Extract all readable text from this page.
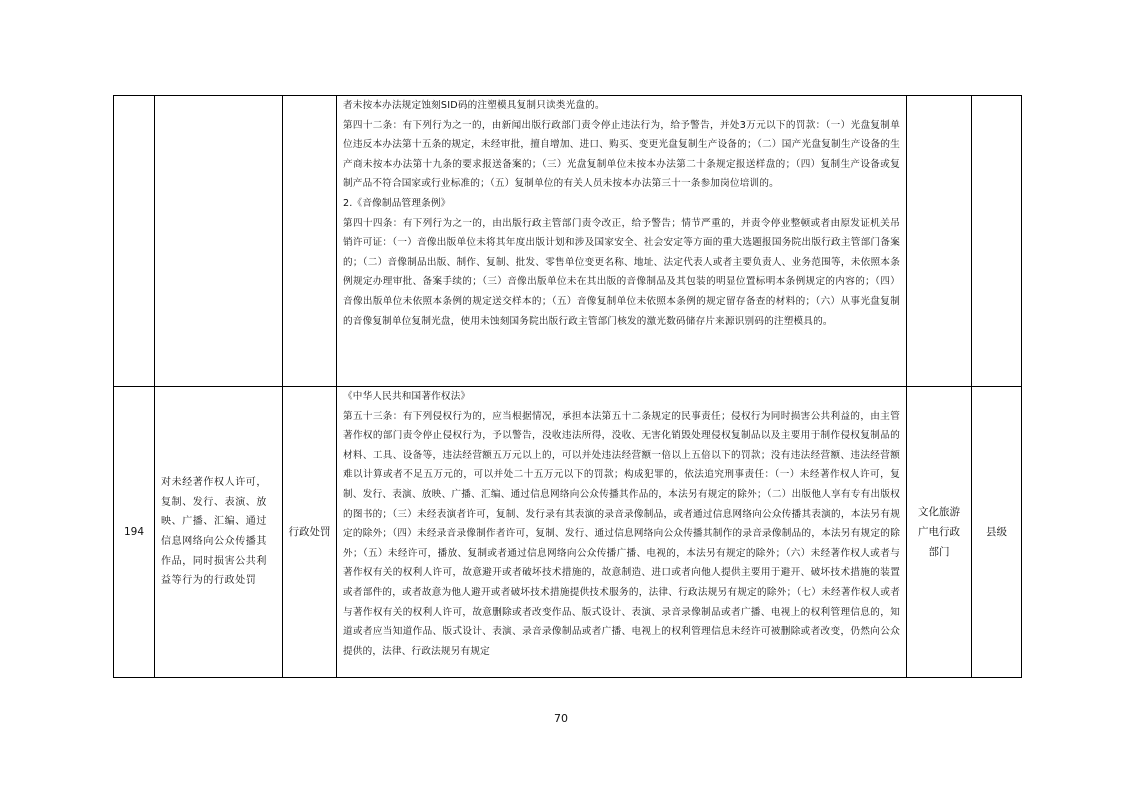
			者未按本办法规定蚀刻SID码的注塑模具复制只读类光盘的。

第四十二条：有下列行为之一的，由新闻出版行政部门责令停止违法行为，给予警告，并处3万元以下的罚款：（一）光盘复制单位违反本办法第十五条的规定，未经审批，擅自增加、进口、购买、变更光盘复制生产设备的；（二）国产光盘复制生产设备的生产商未按本办法第十九条的要求报送备案的；（三）光盘复制单位未按本办法第二十条规定报送样盘的；（四）复制生产设备或复制产品不符合国家或行业标准的；（五）复制单位的有关人员未按本办法第三十一条参加岗位培训的。

2.《音像制品管理条例》

第四十四条：有下列行为之一的，由出版行政主管部门责令改正，给予警告；情节严重的，并责令停业整顿或者由原发证机关吊销许可证：（一）音像出版单位未将其年度出版计划和涉及国家安全、社会安定等方面的重大选题报国务院出版行政主管部门备案的；（二）音像制品出版、制作、复制、批发、零售单位变更名称、地址、法定代表人或者主要负责人、业务范围等，未依照本条例规定办理审批、备案手续的；（三）音像出版单位未在其出版的音像制品及其包装的明显位置标明本条例规定的内容的；（四）音像出版单位未依照本条例的规定送交样本的；（五）音像复制单位未依照本条例的规定留存备查的材料的；（六）从事光盘复制的音像复制单位复制光盘，使用未蚀刻国务院出版行政主管部门核发的激光数码储存片来源识别码的注塑模具的。		

194	对未经著作权人许可，复制、发行、表演、放映、广播、汇编、通过信息网络向公众传播其作品，同时损害公共利益等行为的行政处罚	行政处罚	《中华人民共和国著作权法》

第五十三条：有下列侵权行为的，应当根据情况，承担本法第五十二条规定的民事责任；侵权行为同时损害公共利益的，由主管著作权的部门责令停止侵权行为，予以警告，没收违法所得，没收、无害化销毁处理侵权复制品以及主要用于制作侵权复制品的材料、工具、设备等，违法经营额五万元以上的，可以并处违法经营额一倍以上五倍以下的罚款；没有违法经营额、违法经营额难以计算或者不足五万元的，可以并处二十五万元以下的罚款；构成犯罪的，依法追究刑事责任：（一）未经著作权人许可，复制、发行、表演、放映、广播、汇编、通过信息网络向公众传播其作品的，本法另有规定的除外；（二）出版他人享有专有出版权的图书的；（三）未经表演者许可，复制、发行录有其表演的录音录像制品，或者通过信息网络向公众传播其表演的，本法另有规定的除外；（四）未经录音录像制作者许可，复制、发行、通过信息网络向公众传播其制作的录音录像制品的，本法另有规定的除外；（五）未经许可，播放、复制或者通过信息网络向公众传播广播、电视的，本法另有规定的除外；（六）未经著作权人或者与著作权有关的权利人许可，故意避开或者破坏技术措施的，故意制造、进口或者向他人提供主要用于避开、破坏技术措施的装置或者部件的，或者故意为他人避开或者破坏技术措施提供技术服务的，法律、行政法规另有规定的除外；（七）未经著作权人或者与著作权有关的权利人许可，故意删除或者改变作品、版式设计、表演、录音录像制品或者广播、电视上的权利管理信息的，知道或者应当知道作品、版式设计、表演、录音录像制品或者广播、电视上的权利管理信息未经许可被删除或者改变，仍然向公众提供的，法律、行政法规另有规定	文化旅游广电行政部门	县级
70
